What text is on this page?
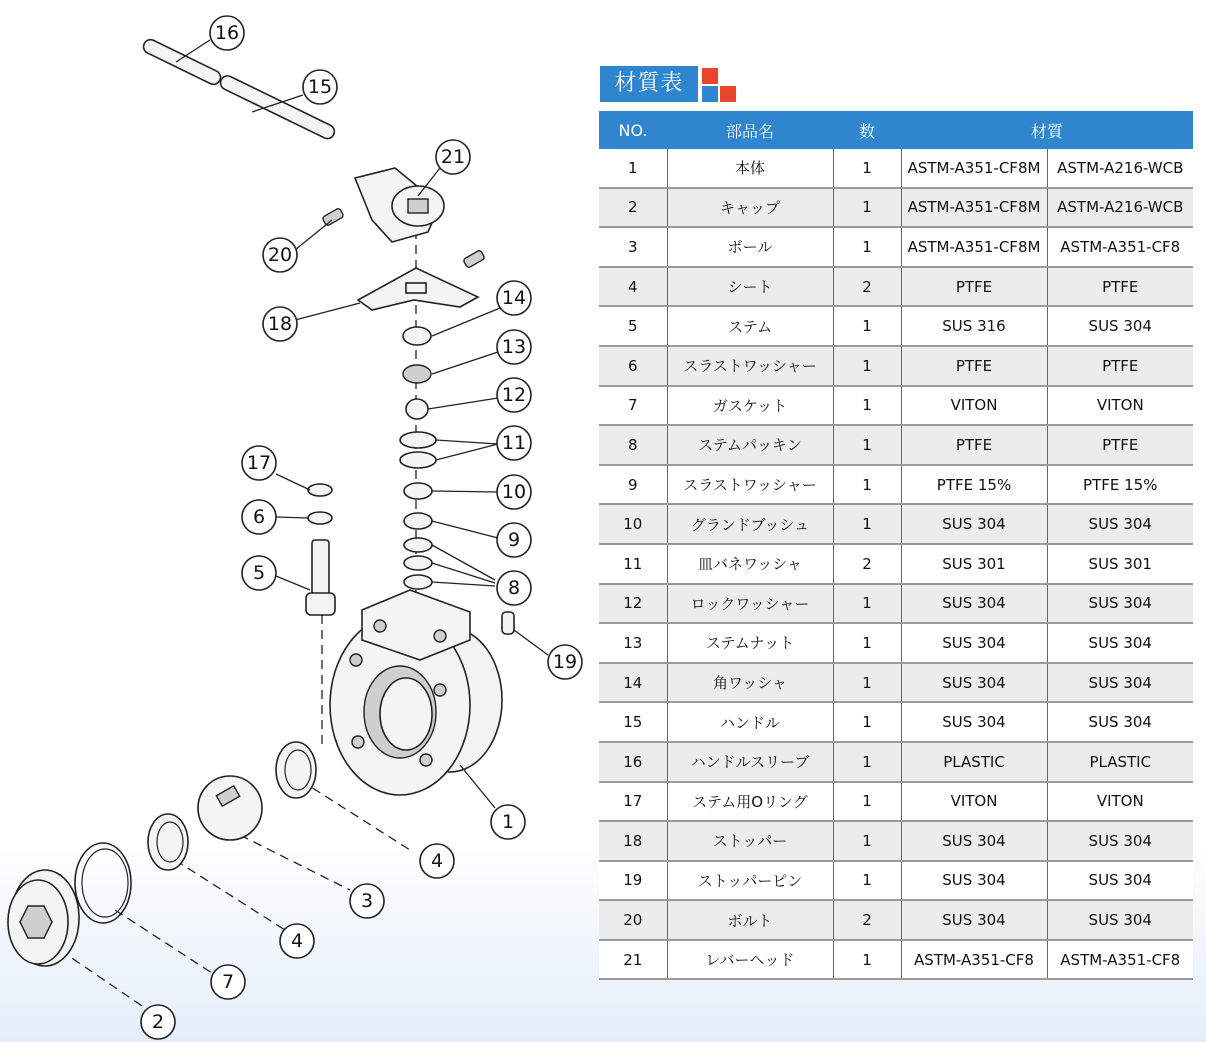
16
15
21
20
18
14
13
12
11
17
6
10
9
5
8
19
1
4
3
4
7
2
材質表
NO.	部品名	数	材質	
1	本体	1	ASTM-A351-CF8M	ASTM-A216-WCB
2	キャップ	1	ASTM-A351-CF8M	ASTM-A216-WCB
3	ボール	1	ASTM-A351-CF8M	ASTM-A351-CF8
4	シート	2	PTFE	PTFE
5	ステム	1	SUS 316	SUS 304
6	スラストワッシャー	1	PTFE	PTFE
7	ガスケット	1	VITON	VITON
8	ステムパッキン	1	PTFE	PTFE
9	スラストワッシャー	1	PTFE 15%	PTFE 15%
10	グランドブッシュ	1	SUS 304	SUS 304
11	皿バネワッシャ	2	SUS 301	SUS 301
12	ロックワッシャー	1	SUS 304	SUS 304
13	ステムナット	1	SUS 304	SUS 304
14	角ワッシャ	1	SUS 304	SUS 304
15	ハンドル	1	SUS 304	SUS 304
16	ハンドルスリーブ	1	PLASTIC	PLASTIC
17	ステム用Oリング	1	VITON	VITON
18	ストッパー	1	SUS 304	SUS 304
19	ストッパーピン	1	SUS 304	SUS 304
20	ボルト	2	SUS 304	SUS 304
21	レバーヘッド	1	ASTM-A351-CF8	ASTM-A351-CF8
